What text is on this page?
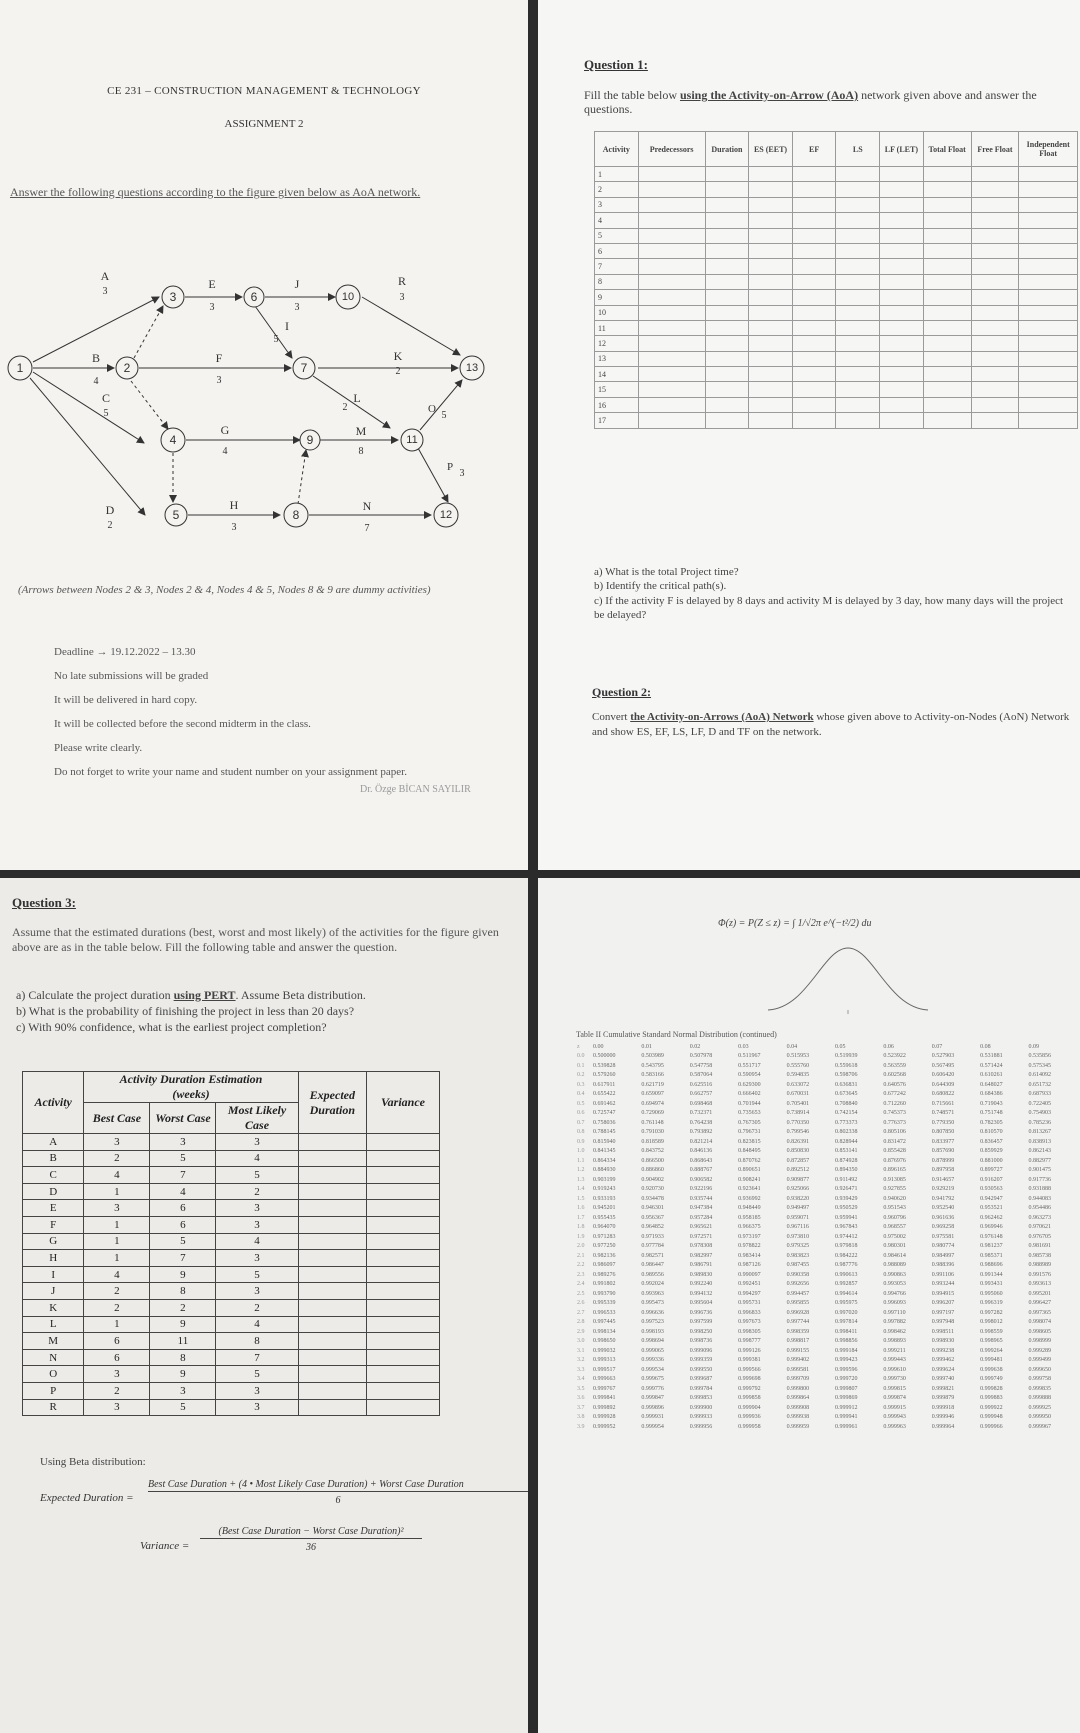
CE 231 – CONSTRUCTION MANAGEMENT & TECHNOLOGY
ASSIGNMENT 2
Answer the following questions according to the figure given below as AoA network.
1	2
3
4
5
6
7
8
9
10
11
12
13
A
3
B
4
C
5
D
2
E
3
F
3
G
4
H
3
I
5
J
3
K
2
L
2
M
8
N
7
O
5
P
3
R
3
(Arrows between Nodes 2 & 3, Nodes 2 & 4, Nodes 4 & 5, Nodes 8 & 9 are dummy activities)
Deadline → 19.12.2022 – 13.30
No late submissions will be graded
It will be delivered in hard copy.
It will be collected before the second midterm in the class.
Please write clearly.
Do not forget to write your name and student number on your assignment paper.
Dr. Özge BİCAN SAYILIR
Question 1:
Fill the table below using the Activity-on-Arrow (AoA) network given above and answer the questions.
Activity	Predecessors	Duration	ES (EET)	EF	LS	LF (LET)	Total Float	Free Float	Independent Float
1									
2									
3									
4									
5									
6									
7									
8									
9									
10									
11									
12									
13									
14									
15									
16									
17									
a) What is the total Project time?
b) Identify the critical path(s).
c) If the activity F is delayed by 8 days and activity M is delayed by 3 day, how many days will the project be delayed?
Question 2:
Convert the Activity-on-Arrows (AoA) Network whose given above to Activity-on-Nodes (AoN) Network and show ES, EF, LS, LF, D and TF on the network.
Question 3:
Assume that the estimated durations (best, worst and most likely) of the activities for the figure given above are as in the table below. Fill the following table and answer the question.
a) Calculate the project duration using PERT. Assume Beta distribution.
b) What is the probability of finishing the project in less than 20 days?
c) With 90% confidence, what is the earliest project completion?
Activity	Activity Duration Estimation			Expected Duration	Variance
	(weeks)				
	Best Case	Worst Case	Most Likely Case		
A	3	3	3		
B	2	5	4		
C	4	7	5		
D	1	4	2		
E	3	6	3		
F	1	6	3		
G	1	5	4		
H	1	7	3		
I	4	9	5		
J	2	8	3		
K	2	2	2		
L	1	9	4		
M	6	11	8		
N	6	8	7		
O	3	9	5		
P	2	3	3		
R	3	5	3		
Using Beta distribution:
Expected Duration =
Best Case Duration + (4 • Most Likely Case Duration) + Worst Case Duration
6
Variance =
(Best Case Duration − Worst Case Duration)²
36
Φ(z) = P(Z ≤ z) = ∫ 1/√2π e^(−t²/2) du
Table II Cumulative Standard Normal Distribution (continued)
z	0.00	0.01	0.02	0.03	0.04	0.05	0.06	0.07	0.08	0.09
0.0	0.500000	0.503989	0.507978	0.511967	0.515953	0.519939	0.523922	0.527903	0.531881	0.535856
0.1	0.539828	0.543795	0.547758	0.551717	0.555760	0.559618	0.563559	0.567495	0.571424	0.575345
0.2	0.579260	0.583166	0.587064	0.590954	0.594835	0.598706	0.602568	0.606420	0.610261	0.614092
0.3	0.617911	0.621719	0.625516	0.629300	0.633072	0.636831	0.640576	0.644309	0.648027	0.651732
0.4	0.655422	0.659097	0.662757	0.666402	0.670031	0.673645	0.677242	0.680822	0.684386	0.687933
0.5	0.691462	0.694974	0.698468	0.701944	0.705401	0.708840	0.712260	0.715661	0.719043	0.722405
0.6	0.725747	0.729069	0.732371	0.735653	0.738914	0.742154	0.745373	0.748571	0.751748	0.754903
0.7	0.758036	0.761148	0.764238	0.767305	0.770350	0.773373	0.776373	0.779350	0.782305	0.785236
0.8	0.788145	0.791030	0.793892	0.796731	0.799546	0.802338	0.805106	0.807850	0.810570	0.813267
0.9	0.815940	0.818589	0.821214	0.823815	0.826391	0.828944	0.831472	0.833977	0.836457	0.838913
1.0	0.841345	0.843752	0.846136	0.848495	0.850830	0.853141	0.855428	0.857690	0.859929	0.862143
1.1	0.864334	0.866500	0.868643	0.870762	0.872857	0.874928	0.876976	0.878999	0.881000	0.882977
1.2	0.884930	0.886860	0.888767	0.890651	0.892512	0.894350	0.896165	0.897958	0.899727	0.901475
1.3	0.903199	0.904902	0.906582	0.908241	0.909877	0.911492	0.913085	0.914657	0.916207	0.917736
1.4	0.919243	0.920730	0.922196	0.923641	0.925066	0.926471	0.927855	0.929219	0.930563	0.931888
1.5	0.933193	0.934478	0.935744	0.936992	0.938220	0.939429	0.940620	0.941792	0.942947	0.944083
1.6	0.945201	0.946301	0.947384	0.948449	0.949497	0.950529	0.951543	0.952540	0.953521	0.954486
1.7	0.955435	0.956367	0.957284	0.958185	0.959071	0.959941	0.960796	0.961636	0.962462	0.963273
1.8	0.964070	0.964852	0.965621	0.966375	0.967116	0.967843	0.968557	0.969258	0.969946	0.970621
1.9	0.971283	0.971933	0.972571	0.973197	0.973810	0.974412	0.975002	0.975581	0.976148	0.976705
2.0	0.977250	0.977784	0.978308	0.978822	0.979325	0.979818	0.980301	0.980774	0.981237	0.981691
2.1	0.982136	0.982571	0.982997	0.983414	0.983823	0.984222	0.984614	0.984997	0.985371	0.985738
2.2	0.986097	0.986447	0.986791	0.987126	0.987455	0.987776	0.988089	0.988396	0.988696	0.988989
2.3	0.989276	0.989556	0.989830	0.990097	0.990358	0.990613	0.990863	0.991106	0.991344	0.991576
2.4	0.991802	0.992024	0.992240	0.992451	0.992656	0.992857	0.993053	0.993244	0.993431	0.993613
2.5	0.993790	0.993963	0.994132	0.994297	0.994457	0.994614	0.994766	0.994915	0.995060	0.995201
2.6	0.995339	0.995473	0.995604	0.995731	0.995855	0.995975	0.996093	0.996207	0.996319	0.996427
2.7	0.996533	0.996636	0.996736	0.996833	0.996928	0.997020	0.997110	0.997197	0.997282	0.997365
2.8	0.997445	0.997523	0.997599	0.997673	0.997744	0.997814	0.997882	0.997948	0.998012	0.998074
2.9	0.998134	0.998193	0.998250	0.998305	0.998359	0.998411	0.998462	0.998511	0.998559	0.998605
3.0	0.998650	0.998694	0.998736	0.998777	0.998817	0.998856	0.998893	0.998930	0.998965	0.998999
3.1	0.999032	0.999065	0.999096	0.999126	0.999155	0.999184	0.999211	0.999238	0.999264	0.999289
3.2	0.999313	0.999336	0.999359	0.999381	0.999402	0.999423	0.999443	0.999462	0.999481	0.999499
3.3	0.999517	0.999534	0.999550	0.999566	0.999581	0.999596	0.999610	0.999624	0.999638	0.999650
3.4	0.999663	0.999675	0.999687	0.999698	0.999709	0.999720	0.999730	0.999740	0.999749	0.999758
3.5	0.999767	0.999776	0.999784	0.999792	0.999800	0.999807	0.999815	0.999821	0.999828	0.999835
3.6	0.999841	0.999847	0.999853	0.999858	0.999864	0.999869	0.999874	0.999879	0.999883	0.999888
3.7	0.999892	0.999896	0.999900	0.999904	0.999908	0.999912	0.999915	0.999918	0.999922	0.999925
3.8	0.999928	0.999931	0.999933	0.999936	0.999938	0.999941	0.999943	0.999946	0.999948	0.999950
3.9	0.999952	0.999954	0.999956	0.999958	0.999959	0.999961	0.999963	0.999964	0.999966	0.999967
